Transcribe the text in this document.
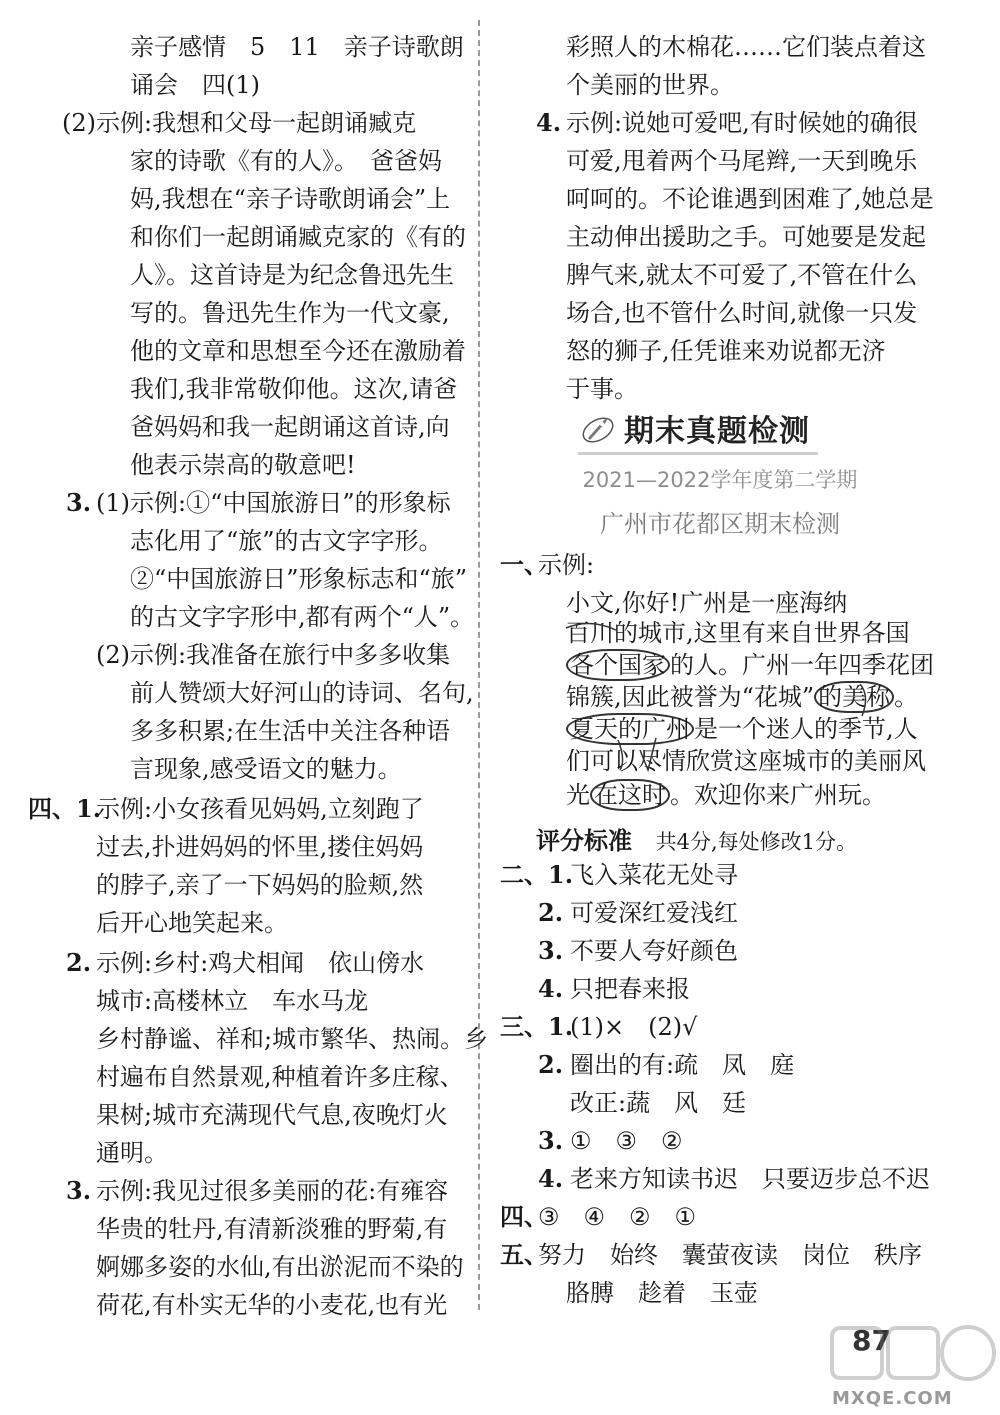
亲子感情　5　11　亲子诗歌朗
诵会　四(1)
(2)示例:我想和父母一起朗诵臧克
家的诗歌《有的人》。　爸爸妈
妈,我想在“亲子诗歌朗诵会”上
和你们一起朗诵臧克家的《有的
人》。这首诗是为纪念鲁迅先生
写的。鲁迅先生作为一代文豪,
他的文章和思想至今还在激励着
我们,我非常敬仰他。这次,请爸
爸妈妈和我一起朗诵这首诗,向
他表示崇高的敬意吧!
3. (1)示例:①“中国旅游日”的形象标
志化用了“旅”的古文字字形。
②“中国旅游日”形象标志和“旅”
的古文字字形中,都有两个“人”。
(2)示例:我准备在旅行中多多收集
前人赞颂大好河山的诗词、名句,
多多积累;在生活中关注各种语
言现象,感受语文的魅力。
四、1.
示例:小女孩看见妈妈,立刻跑了
过去,扑进妈妈的怀里,搂住妈妈
的脖子,亲了一下妈妈的脸颊,然
后开心地笑起来。
2. 示例:乡村:鸡犬相闻　依山傍水
城市:高楼林立　车水马龙
乡村静谧、祥和;城市繁华、热闹。乡
村遍布自然景观,种植着许多庄稼、
果树;城市充满现代气息,夜晚灯火
通明。
3. 示例:我见过很多美丽的花:有雍容
华贵的牡丹,有清新淡雅的野菊,有
婀娜多姿的水仙,有出淤泥而不染的
荷花,有朴实无华的小麦花,也有光
彩照人的木棉花……它们装点着这
个美丽的世界。
4. 示例:说她可爱吧,有时候她的确很
可爱,甩着两个马尾辫,一天到晚乐
呵呵的。不论谁遇到困难了,她总是
主动伸出援助之手。可她要是发起
脾气来,就太不可爱了,不管在什么
场合,也不管什么时间,就像一只发
怒的狮子,任凭谁来劝说都无济
于事。
期末真题检测
2021—2022学年度第二学期
广州市花都区期末检测
一、
示例:
小文,你好!广州是一座海纳
百川的城市,这里有来自世界各国
各个国家 的人。广州一年四季花团
锦簇,因此被誉为“花城” 的美称 。
夏天的广州 是一个迷人的季节,人
们可以尽情欣赏这座城市的美丽风
光 在这时 。欢迎你来广州玩。
评分标准 共4分,每处修改1分。
二、1.
飞入菜花无处寻
2. 可爱深红爱浅红
3. 不要人夸好颜色
4. 只把春来报
三、1.
(1)×　(2)√
2. 圈出的有:疏　凤　庭
改正:蔬　风　廷
3. ①　③　②
4. 老来方知读书迟　只要迈步总不迟
四、
③　④　②　①
五、
努力　始终　囊萤夜读　岗位　秩序
胳膊　趁着　玉壶
87
MXQE.COM
